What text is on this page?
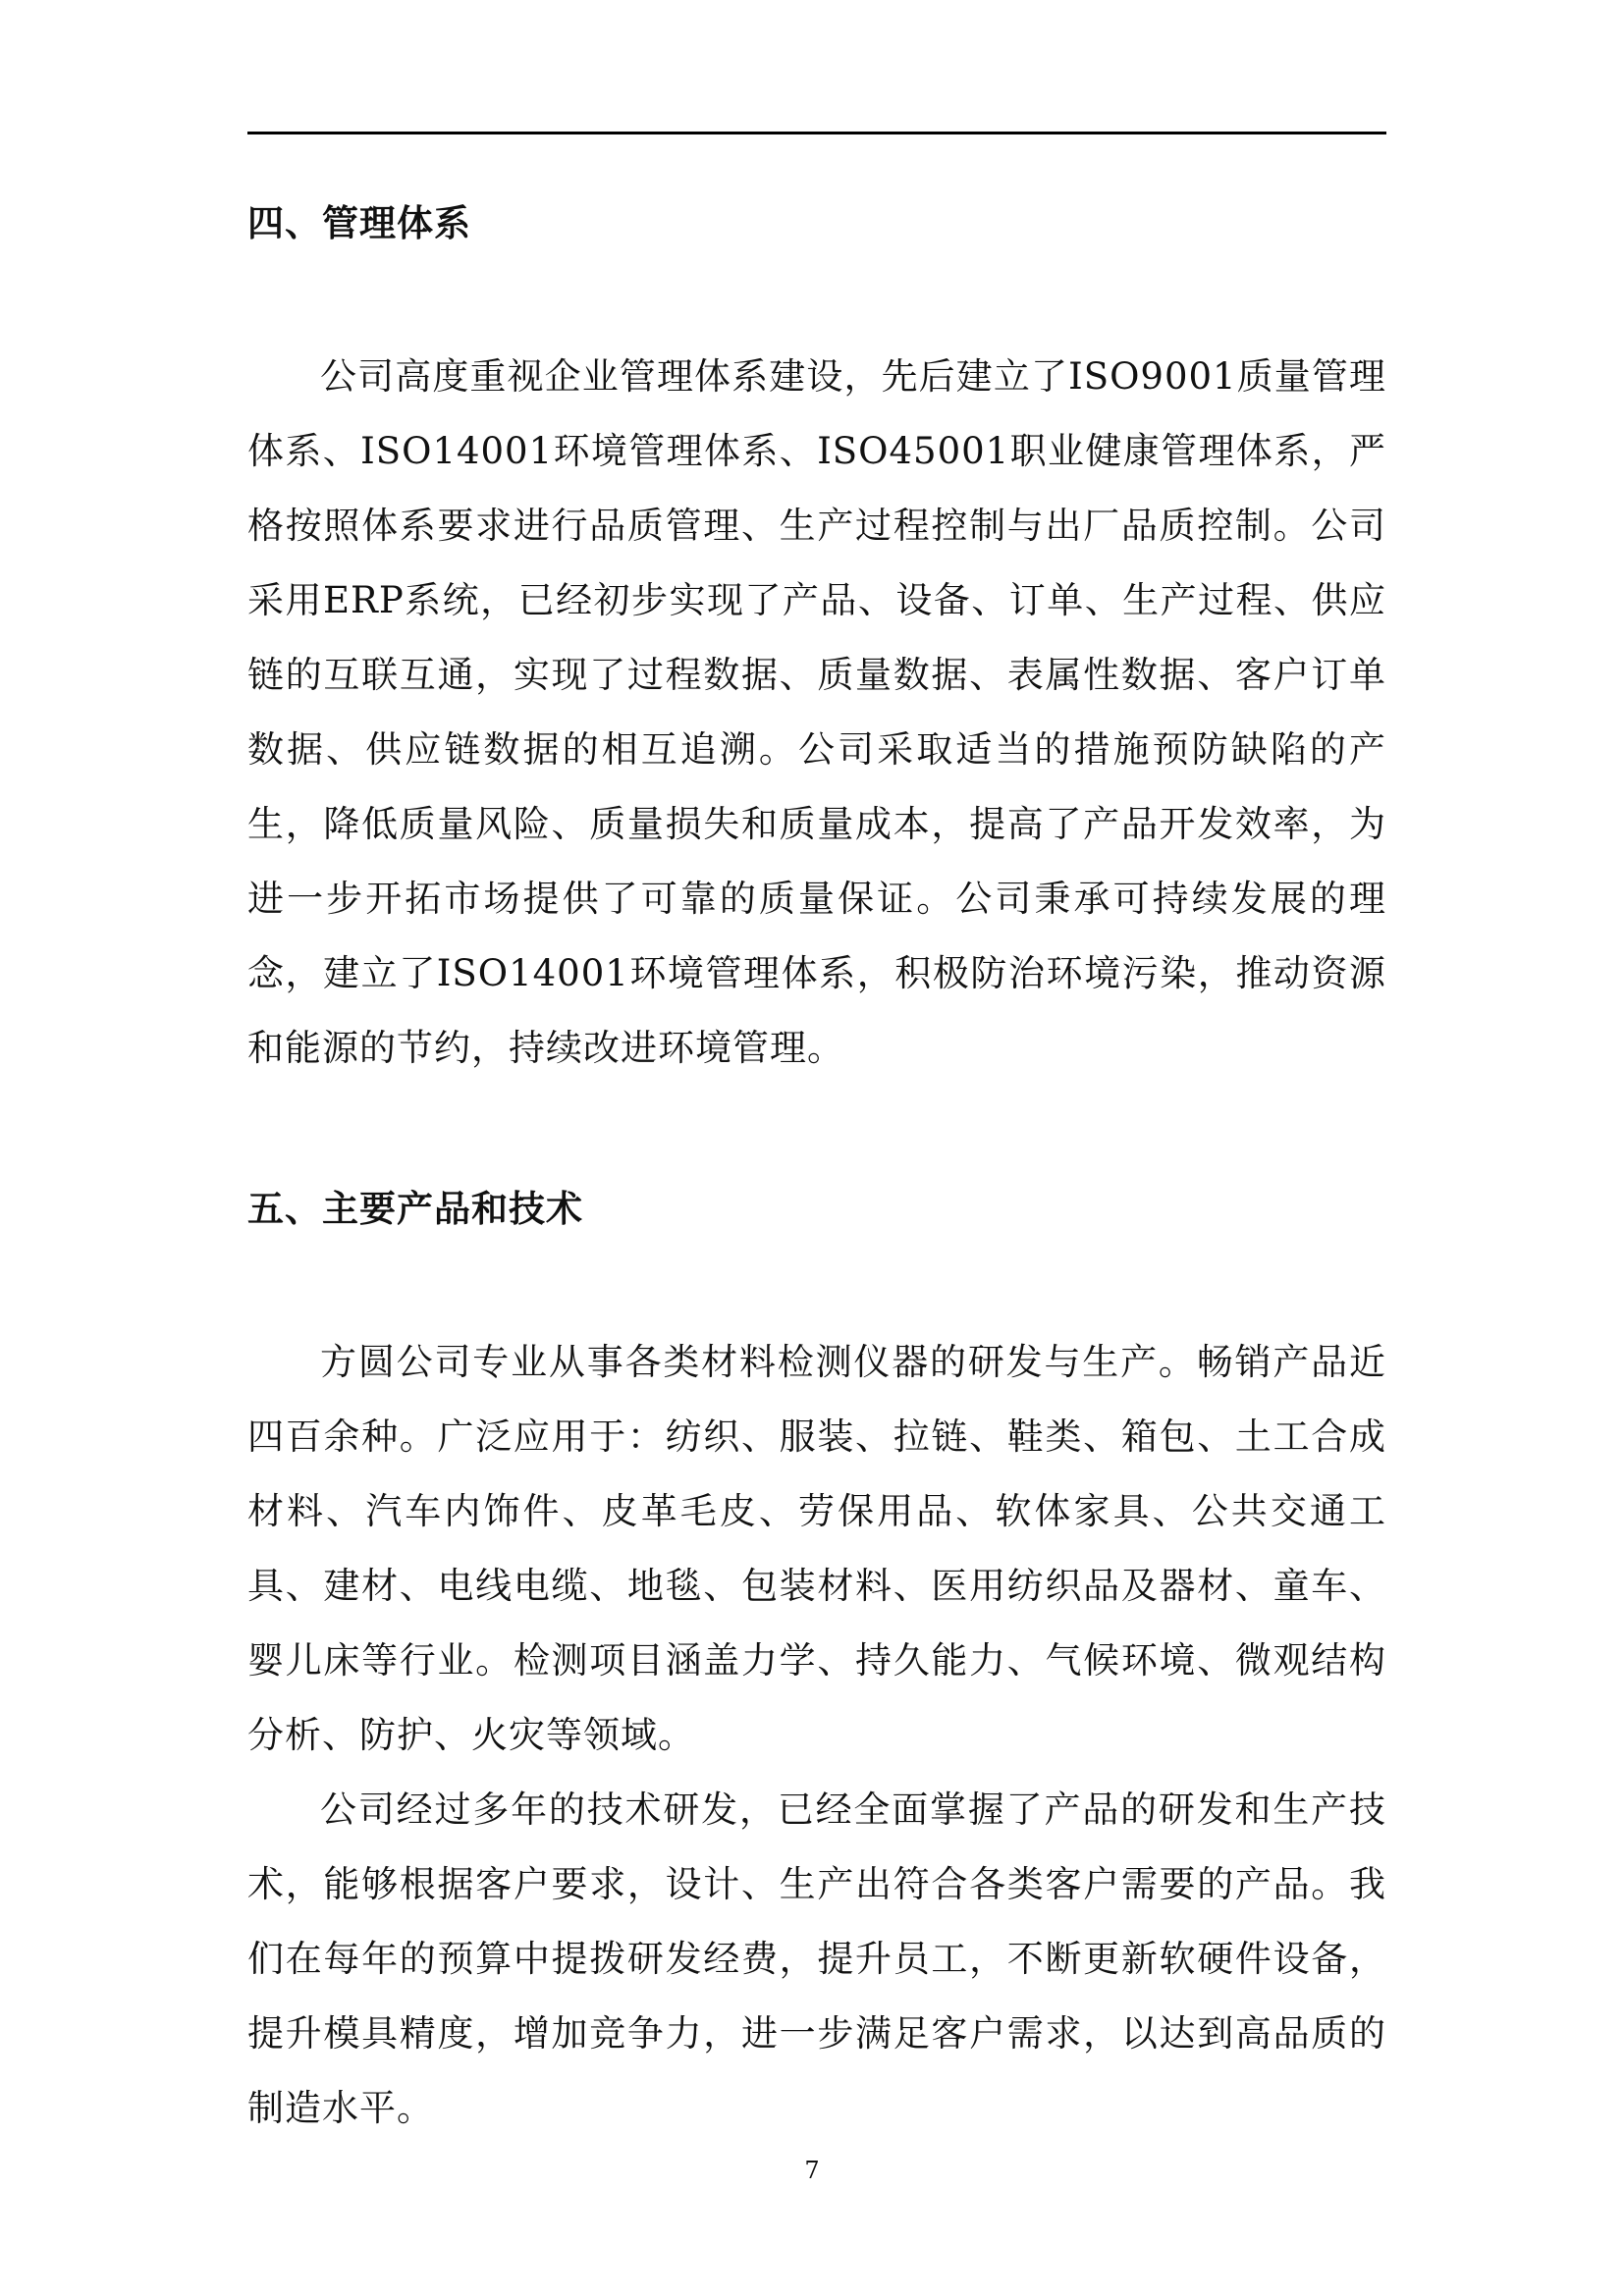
四、管理体系

公司高度重视企业管理体系建设，先后建立了ISO9001质量管理体系、ISO14001环境管理体系、ISO45001职业健康管理体系，严格按照体系要求进行品质管理、生产过程控制与出厂品质控制。公司采用ERP系统，已经初步实现了产品、设备、订单、生产过程、供应链的互联互通，实现了过程数据、质量数据、表属性数据、客户订单数据、供应链数据的相互追溯。公司采取适当的措施预防缺陷的产生，降低质量风险、质量损失和质量成本，提高了产品开发效率，为进一步开拓市场提供了可靠的质量保证。公司秉承可持续发展的理念，建立了ISO14001环境管理体系，积极防治环境污染，推动资源和能源的节约，持续改进环境管理。

五、主要产品和技术

方圆公司专业从事各类材料检测仪器的研发与生产。畅销产品近四百余种。广泛应用于：纺织、服装、拉链、鞋类、箱包、土工合成材料、汽车内饰件、皮革毛皮、劳保用品、软体家具、公共交通工具、建材、电线电缆、地毯、包装材料、医用纺织品及器材、童车、婴儿床等行业。检测项目涵盖力学、持久能力、气候环境、微观结构分析、防护、火灾等领域。

公司经过多年的技术研发，已经全面掌握了产品的研发和生产技术，能够根据客户要求，设计、生产出符合各类客户需要的产品。我们在每年的预算中提拨研发经费，提升员工，不断更新软硬件设备，提升模具精度，增加竞争力，进一步满足客户需求，以达到高品质的制造水平。

7
